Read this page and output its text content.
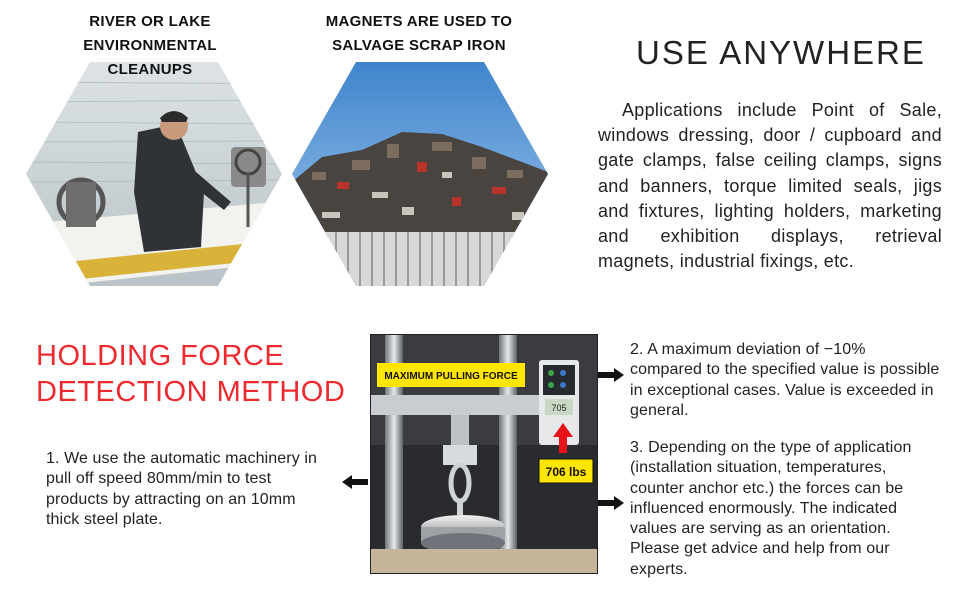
RIVER OR LAKE ENVIRONMENTAL CLEANUPS
MAGNETS ARE USED TO SALVAGE SCRAP IRON	USE ANYWHERE
Applications include Point of Sale, windows dressing, door / cupboard and gate clamps, false ceiling clamps, signs and banners, torque limited seals, jigs and fixtures, lighting holders, marketing and exhibition displays, retrieval magnets, industrial fixings, etc.
HOLDING FORCE
DETECTION METHOD
1. We use the automatic machinery in pull off speed 80mm/min to test products by attracting on an 10mm thick steel plate.
2. A maximum deviation of −10% compared to the specified value is possible in exceptional cases. Value is exceeded in general.
3. Depending on the type of application (installation situation, temperatures, counter anchor etc.) the forces can be influenced enormously. The indicated values are serving as an orientation. Please get advice and help from our experts.
705
MAXIMUM PULLING FORCE
706 lbs
